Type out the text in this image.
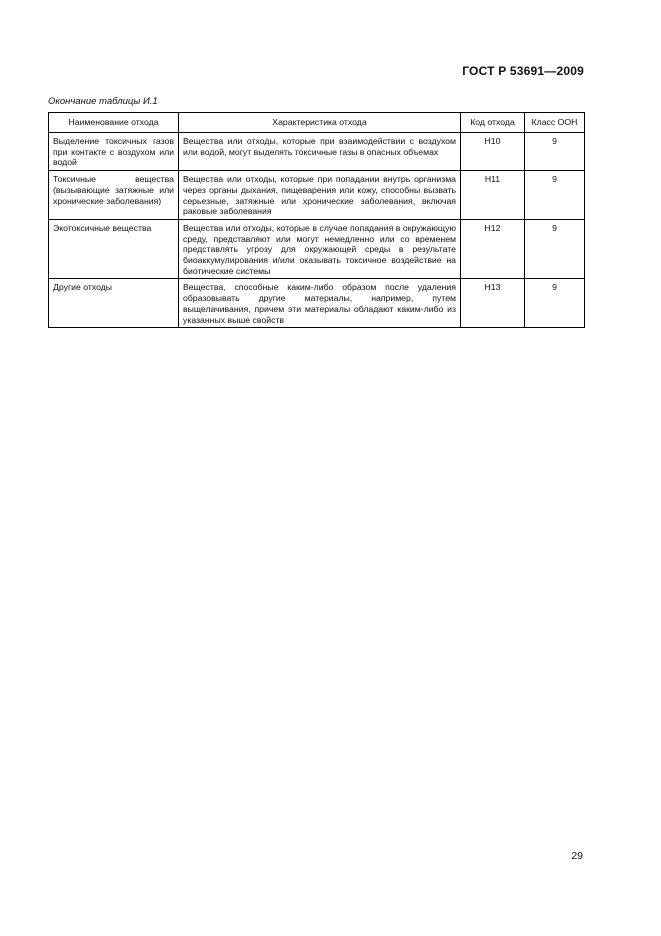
ГОСТ Р 53691—2009
Окончание таблицы И.1
Наименование отхода	Характеристика отхода	Код отхода	Класс ООН
Выделение токсичных газов при контакте с воздухом или водой	Вещества или отходы, которые при взаимодействии с воздухом или водой, могут выделять токсичные газы в опасных объемах	Н10	9
Токсичные вещества (вызывающие затяжные или хронические заболевания)	Вещества или отходы, которые при попадании внутрь организма через органы дыхания, пищеварения или кожу, способны вызвать серьезные, затяжные или хронические заболевания, включая раковые заболевания	Н11	9
Экотоксичные вещества	Вещества или отходы, которые в случае попадания в окружающую среду, представляют или могут немедленно или со временем представлять угрозу для окружающей среды в результате биоаккумулирования и/или оказывать токсичное воздействие на биотические системы	Н12	9
Другие отходы	Вещества, способные каким-либо образом после удаления образовывать другие материалы, например, путем выщелачивания, причем эти материалы обладают каким-либо из указанных выше свойств	Н13	9
29
